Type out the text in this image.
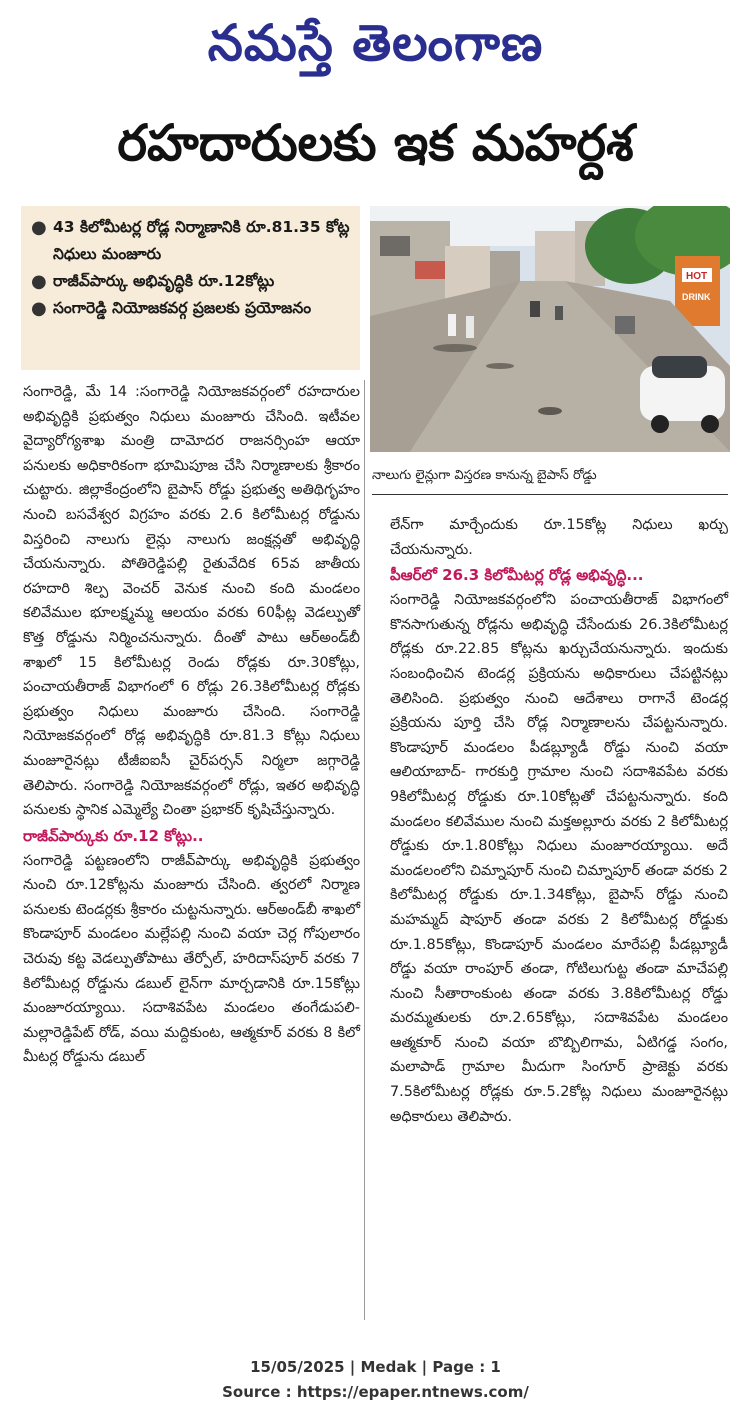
నమస్తే తెలంగాణ
రహదారులకు ఇక మహర్దశ
● 43 కిలోమీటర్ల రోడ్ల నిర్మాణానికి రూ.81.35 కోట్ల నిధులు మంజూరు
● రాజీవ్‌పార్కు అభివృద్ధికి రూ.12కోట్లు
● సంగారెడ్డి నియోజకవర్గ ప్రజలకు ప్రయోజనం
HOT
DRINK
నాలుగు లైన్లుగా విస్తరణ కానున్న బైపాస్ రోడ్డు

సంగారెడ్డి, మే 14 :సంగారెడ్డి నియోజకవర్గంలో రహదారుల అభివృద్ధికి ప్రభుత్వం నిధులు మంజూరు చేసింది. ఇటీవల వైద్యారోగ్యశాఖ మంత్రి దామోదర రాజనర్సింహ ఆయా పనులకు అధికారికంగా భూమిపూజ చేసి నిర్మాణాలకు శ్రీకారం చుట్టారు. జిల్లాకేంద్రంలోని బైపాస్ రోడ్డు ప్రభుత్వ అతిథిగృహం నుంచి బసవేశ్వర విగ్రహం వరకు 2.6 కిలోమీటర్ల రోడ్డును విస్తరించి నాలుగు లైన్లు నాలుగు జంక్షన్లతో అభివృద్ధి చేయనున్నారు. పోతిరెడ్డిపల్లి రైతువేదిక 65వ జాతీయ రహదారి శిల్ప వెంచర్ వెనుక నుంచి కంది మండలం కలివేముల భూలక్ష్మమ్మ ఆలయం వరకు 60ఫీట్ల వెడల్పుతో కొత్త రోడ్డును నిర్మించనున్నారు. దీంతో పాటు ఆర్‌అండ్‌బీ శాఖలో 15 కిలోమీటర్ల రెండు రోడ్లకు రూ.30కోట్లు, పంచాయతీరాజ్ విభాగంలో 6 రోడ్లు 26.3కిలోమీటర్ల రోడ్లకు ప్రభుత్వం నిధులు మంజూరు చేసింది. సంగారెడ్డి నియోజకవర్గంలో రోడ్ల అభివృద్ధికి రూ.81.3 కోట్లు నిధులు మంజూరైనట్లు టీజీఐఐసీ చైర్‌పర్సన్ నిర్మలా జగ్గారెడ్డి తెలిపారు. సంగారెడ్డి నియోజకవర్గంలో రోడ్లు, ఇతర అభివృద్ధి పనులకు స్థానిక ఎమ్మెల్యే చింతా ప్రభాకర్ కృషిచేస్తున్నారు.

రాజీవ్‌పార్కుకు రూ.12 కోట్లు..

సంగారెడ్డి పట్టణంలోని రాజీవ్‌పార్కు అభివృద్ధికి ప్రభుత్వం నుంచి రూ.12కోట్లను మంజూరు చేసింది. త్వరలో నిర్మాణ పనులకు టెండర్లకు శ్రీకారం చుట్టనున్నారు. ఆర్‌అండ్‌బీ శాఖలో కొండాపూర్ మండలం మల్లేపల్లి నుంచి వయా చెర్ల గోపులారం చెరువు కట్ట వెడల్పుతోపాటు తేర్పోల్, హరిదాస్‌పూర్ వరకు 7 కిలోమీటర్ల రోడ్డును డబుల్ లైన్‌గా మార్చడానికి రూ.15కోట్లు మంజూరయ్యాయి. సదాశివపేట మండలం తంగేడుపలి-మల్లారెడ్డిపేట్ రోడ్, వయి మద్దికుంట, ఆత్మకూర్ వరకు 8 కిలో మీటర్ల రోడ్డును డబుల్

లేన్‌గా మార్చేందుకు రూ.15కోట్ల నిధులు ఖర్చు చేయనున్నారు.

పీఆర్‌లో 26.3 కిలోమీటర్ల రోడ్ల అభివృద్ధి...

సంగారెడ్డి నియోజకవర్గంలోని పంచాయతీరాజ్ విభాగంలో కొనసాగుతున్న రోడ్లను అభివృద్ధి చేసేందుకు 26.3కిలోమీటర్ల రోడ్లకు రూ.22.85 కోట్లను ఖర్చుచేయనున్నారు. ఇందుకు సంబంధించిన టెండర్ల ప్రక్రియను అధికారులు చేపట్టినట్లు తెలిసింది. ప్రభుత్వం నుంచి ఆదేశాలు రాగానే టెండర్ల ప్రక్రియను పూర్తి చేసి రోడ్ల నిర్మాణాలను చేపట్టనున్నారు. కొండాపూర్ మండలం పీడబ్ల్యూడీ రోడ్డు నుంచి వయా ఆలియాబాద్- గారకుర్తి గ్రామాల నుంచి సదాశివపేట వరకు 9కిలోమీటర్ల రోడ్డుకు రూ.10కోట్లతో చేపట్టనున్నారు. కంది మండలం కలివేముల నుంచి మక్తఅల్లూరు వరకు 2 కిలోమీటర్ల రోడ్డుకు రూ.1.80కోట్లు నిధులు మంజూరయ్యాయి. అదే మండలంలోని చిమ్నాపూర్ నుంచి చిమ్నాపూర్ తండా వరకు 2 కిలోమీటర్ల రోడ్డుకు రూ.1.34కోట్లు, బైపాస్ రోడ్డు నుంచి మహమ్మద్ షాపూర్ తండా వరకు 2 కిలోమీటర్ల రోడ్డుకు రూ.1.85కోట్లు, కొండాపూర్ మండలం మారేపల్లి పీడబ్ల్యూడీ రోడ్డు వయా రాంపూర్ తండా, గోటిలుగుట్ట తండా మాచేపల్లి నుంచి సీతారాంకుంట తండా వరకు 3.8కిలోమీటర్ల రోడ్డు మరమ్మతులకు రూ.2.65కోట్లు, సదాశివపేట మండలం ఆత్మకూర్ నుంచి వయా బొబ్బిలిగామ, ఏటిగడ్డ సంగం, మలాపాడ్ గ్రామాల మీదుగా సింగూర్ ప్రాజెక్టు వరకు 7.5కిలోమీటర్ల రోడ్లకు రూ.5.2కోట్ల నిధులు మంజూరైనట్లు అధికారులు తెలిపారు.

15/05/2025 | Medak | Page : 1
Source : https://epaper.ntnews.com/
